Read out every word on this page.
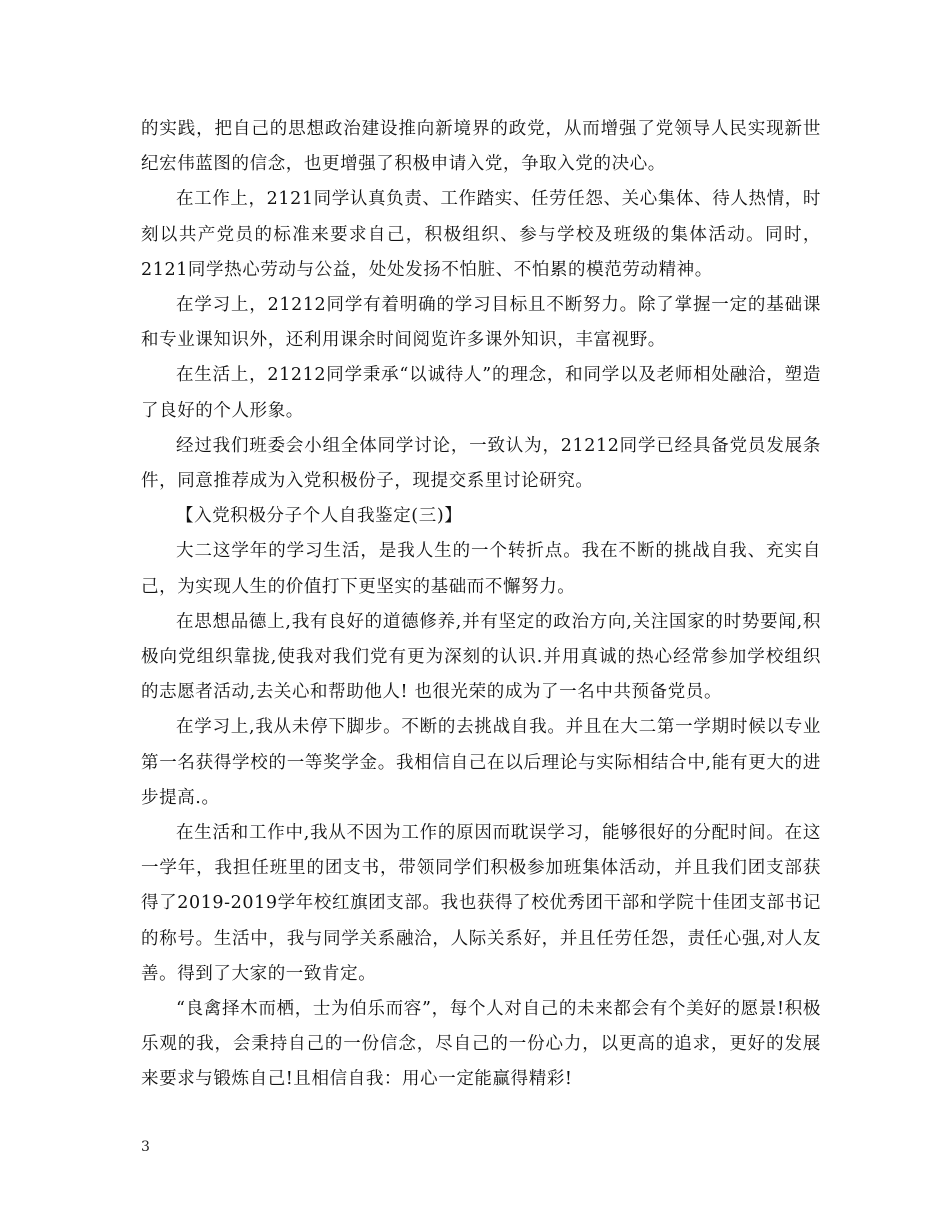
的实践，把自己的思想政治建设推向新境界的政党，从而增强了党领导人民实现新世纪宏伟蓝图的信念，也更增强了积极申请入党，争取入党的决心。

在工作上，2121同学认真负责、工作踏实、任劳任怨、关心集体、待人热情，时刻以共产党员的标准来要求自己，积极组织、参与学校及班级的集体活动。同时，2121同学热心劳动与公益，处处发扬不怕脏、不怕累的模范劳动精神。

在学习上，21212同学有着明确的学习目标且不断努力。除了掌握一定的基础课和专业课知识外，还利用课余时间阅览许多课外知识，丰富视野。

在生活上，21212同学秉承“以诚待人”的理念，和同学以及老师相处融洽，塑造了良好的个人形象。

经过我们班委会小组全体同学讨论，一致认为，21212同学已经具备党员发展条件，同意推荐成为入党积极份子，现提交系里讨论研究。

【入党积极分子个人自我鉴定(三)】

大二这学年的学习生活，是我人生的一个转折点。我在不断的挑战自我、充实自己，为实现人生的价值打下更坚实的基础而不懈努力。

在思想品德上,我有良好的道德修养,并有坚定的政治方向,关注国家的时势要闻,积极向党组织靠拢,使我对我们党有更为深刻的认识.并用真诚的热心经常参加学校组织的志愿者活动,去关心和帮助他人! 也很光荣的成为了一名中共预备党员。

在学习上,我从未停下脚步。不断的去挑战自我。并且在大二第一学期时候以专业第一名获得学校的一等奖学金。我相信自己在以后理论与实际相结合中,能有更大的进步提高.。

在生活和工作中,我从不因为工作的原因而耽误学习，能够很好的分配时间。在这一学年，我担任班里的团支书，带领同学们积极参加班集体活动，并且我们团支部获得了2019-2019学年校红旗团支部。我也获得了校优秀团干部和学院十佳团支部书记的称号。生活中，我与同学关系融洽，人际关系好，并且任劳任怨，责任心强,对人友善。得到了大家的一致肯定。

“良禽择木而栖，士为伯乐而容”，每个人对自己的未来都会有个美好的愿景!积极乐观的我，会秉持自己的一份信念，尽自己的一份心力，以更高的追求，更好的发展来要求与锻炼自己!且相信自我：用心一定能赢得精彩!

3
